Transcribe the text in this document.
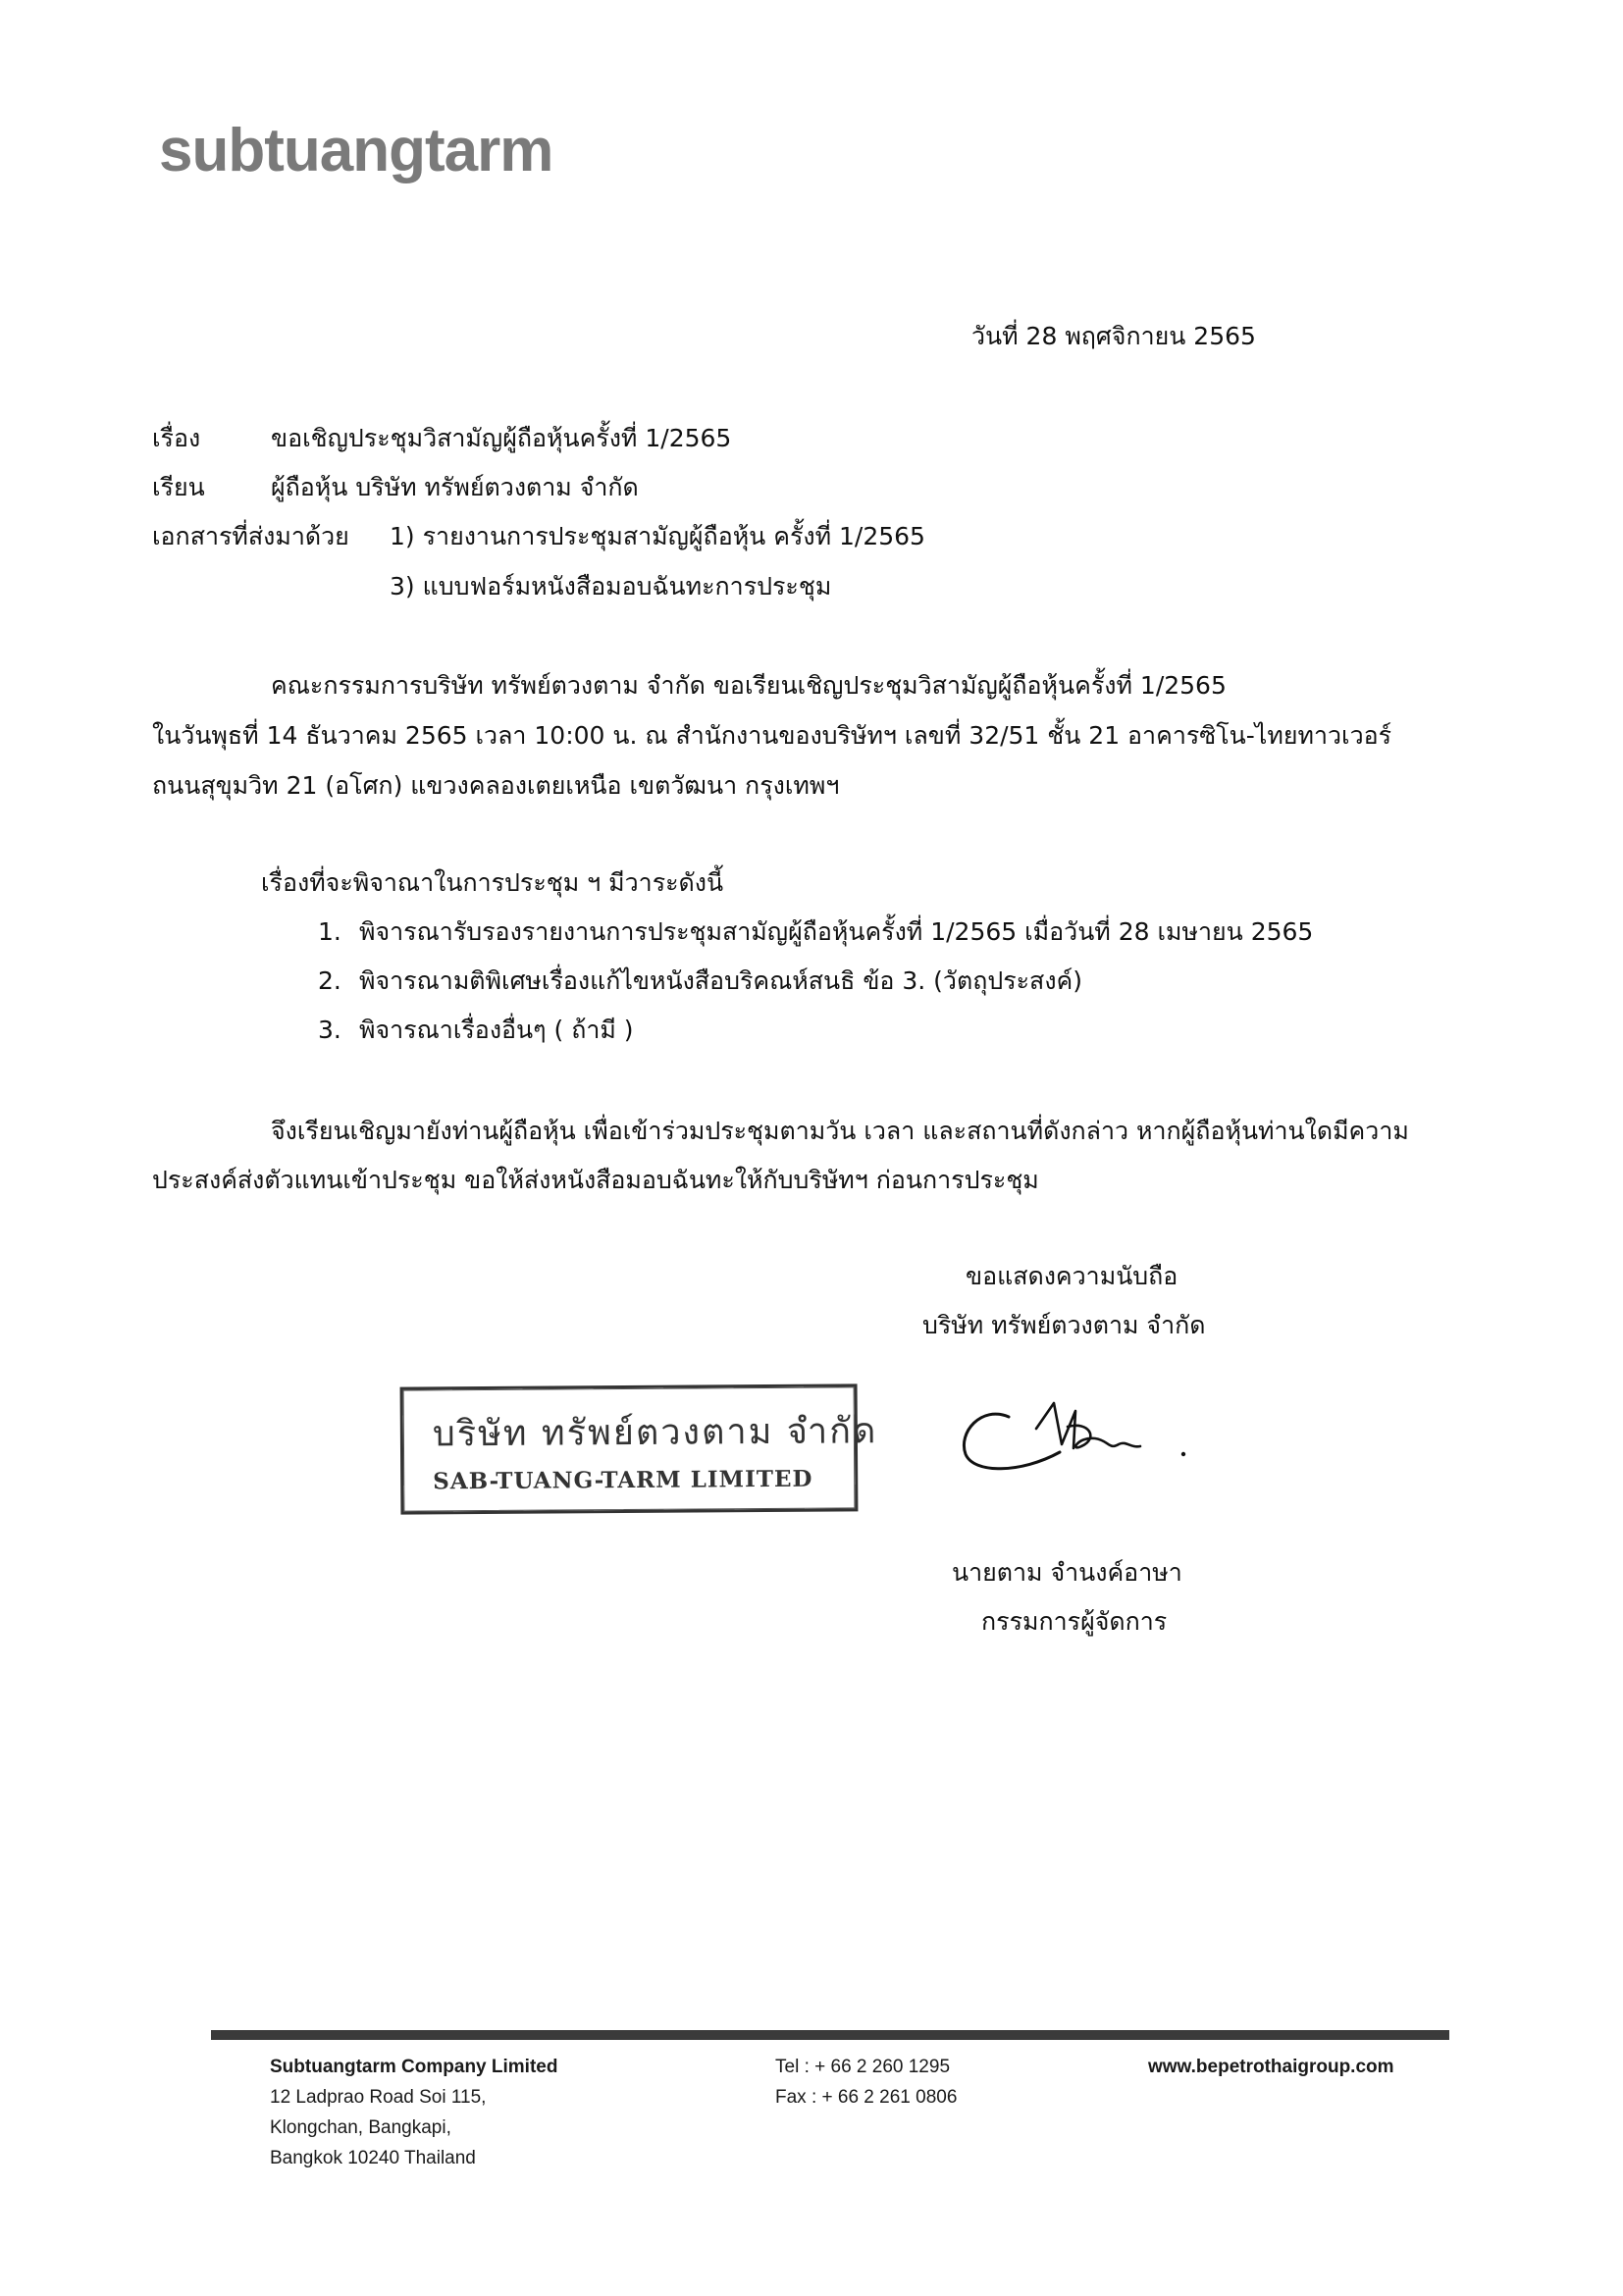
subtuangtarm
วันที่ 28 พฤศจิกายน 2565
เรื่อง	ขอเชิญประชุมวิสามัญผู้ถือหุ้นครั้งที่ 1/2565
เรียน	ผู้ถือหุ้น บริษัท ทรัพย์ตวงตาม จำกัด
เอกสารที่ส่งมาด้วย 1) รายงานการประชุมสามัญผู้ถือหุ้น ครั้งที่ 1/2565
3) แบบฟอร์มหนังสือมอบฉันทะการประชุม
คณะกรรมการบริษัท ทรัพย์ตวงตาม จำกัด ขอเรียนเชิญประชุมวิสามัญผู้ถือหุ้นครั้งที่ 1/2565
ในวันพุธที่ 14 ธันวาคม 2565 เวลา 10:00 น. ณ สำนักงานของบริษัทฯ เลขที่ 32/51 ชั้น 21 อาคารซิโน-ไทยทาวเวอร์
ถนนสุขุมวิท 21 (อโศก) แขวงคลองเตยเหนือ เขตวัฒนา กรุงเทพฯ
เรื่องที่จะพิจาณาในการประชุม ฯ มีวาระดังนี้
1. พิจารณารับรองรายงานการประชุมสามัญผู้ถือหุ้นครั้งที่ 1/2565 เมื่อวันที่ 28 เมษายน 2565
2. พิจารณามติพิเศษเรื่องแก้ไขหนังสือบริคณห์สนธิ ข้อ 3. (วัตถุประสงค์)
3. พิจารณาเรื่องอื่นๆ ( ถ้ามี )
จึงเรียนเชิญมายังท่านผู้ถือหุ้น เพื่อเข้าร่วมประชุมตามวัน เวลา และสถานที่ดังกล่าว หากผู้ถือหุ้นท่านใดมีความ
ประสงค์ส่งตัวแทนเข้าประชุม ขอให้ส่งหนังสือมอบฉันทะให้กับบริษัทฯ ก่อนการประชุม
ขอแสดงความนับถือ
บริษัท ทรัพย์ตวงตาม จำกัด
บริษัท ทรัพย์ตวงตาม จำกัด
SAB-TUANG-TARM LIMITED
นายตาม จำนงค์อาษา
กรรมการผู้จัดการ
Subtuangtarm Company Limited
12 Ladprao Road Soi 115,
Klongchan, Bangkapi,
Bangkok 10240 Thailand
Tel : + 66 2 260 1295
Fax : + 66 2 261 0806
www.bepetrothaigroup.com
